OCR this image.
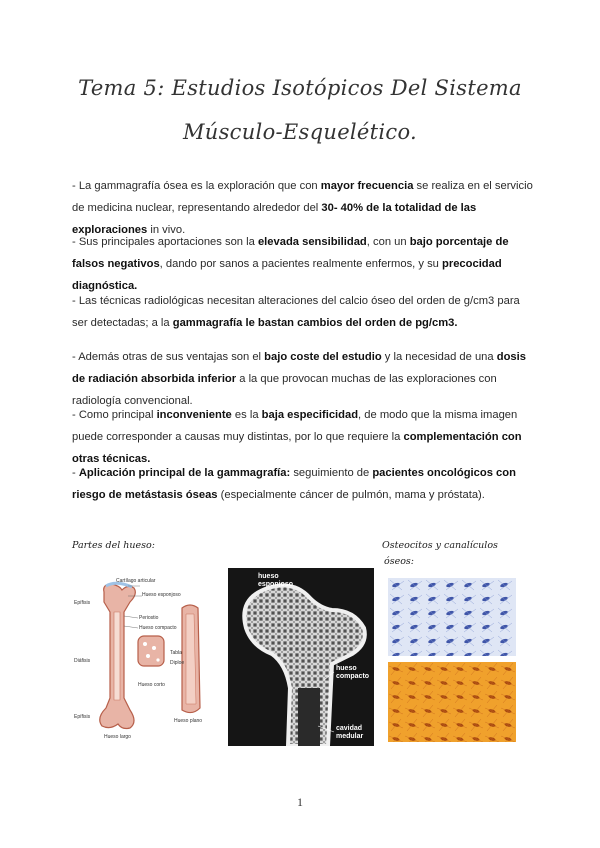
Tema 5: Estudios Isotópicos Del Sistema
Músculo-Esquelético.
- La gammagrafía ósea es la exploración que con mayor frecuencia se realiza en el servicio de medicina nuclear, representando alrededor del 30- 40% de la totalidad de las exploraciones in vivo.
- Sus principales aportaciones son la elevada sensibilidad, con un bajo porcentaje de falsos negativos, dando por sanos a pacientes realmente enfermos, y su precocidad diagnóstica.
- Las técnicas radiológicas necesitan alteraciones del calcio óseo del orden de g/cm3 para ser detectadas; a la gammagrafía le bastan cambios del orden de pg/cm3.
- Además otras de sus ventajas son el bajo coste del estudio y la necesidad de una dosis de radiación absorbida inferior a la que provocan muchas de las exploraciones con radiología convencional.
- Como principal inconveniente es la baja especificidad, de modo que la misma imagen puede corresponder a causas muy distintas, por lo que requiere la complementación con otras técnicas.
- Aplicación principal de la gammagrafía: seguimiento de pacientes oncológicos con riesgo de metástasis óseas (especialmente cáncer de pulmón, mama y próstata).
Partes del hueso:	Osteocitos y canalículos
óseos:
Cartílago articular
Hueso esponjoso
Periostio
Hueso compacto
Epífisis
Diáfisis
Epífisis
Hueso corto
Tabla
Diploe
Hueso plano
Hueso largo
hueso
esponjoso
hueso
compacto
cavidad
medular
1
